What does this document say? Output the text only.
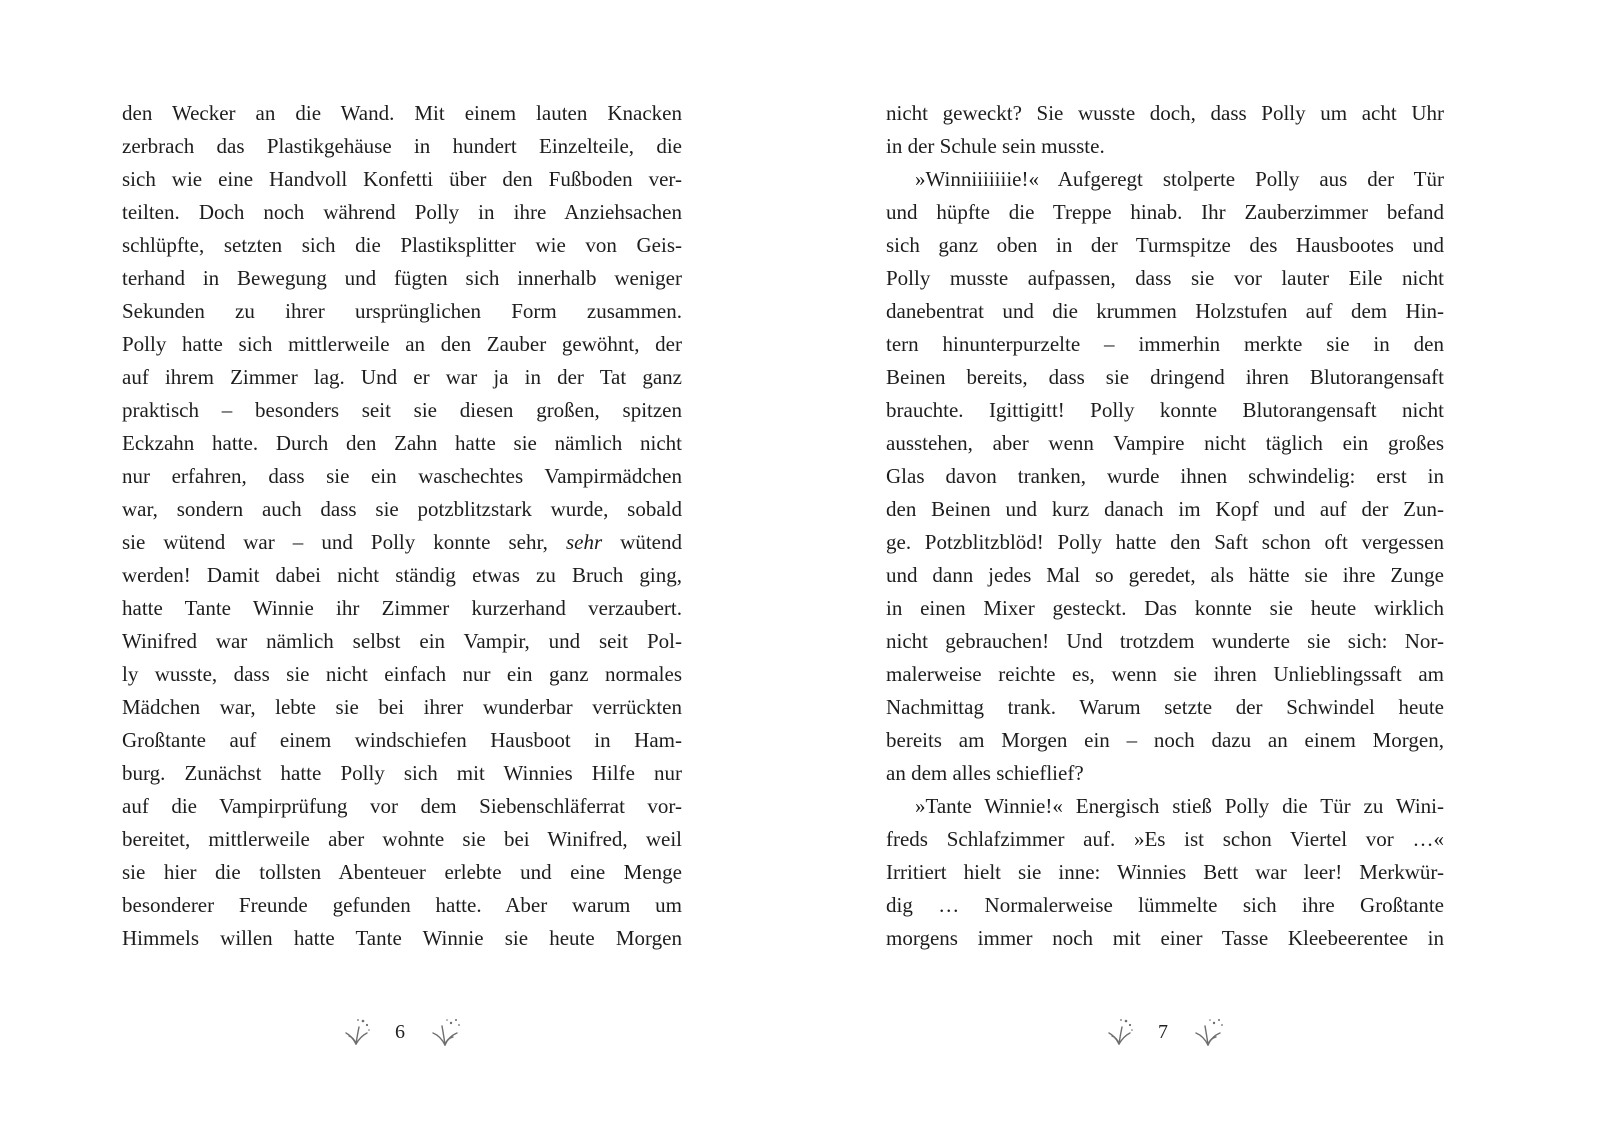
den Wecker an die Wand. Mit einem lauten Knacken
zerbrach das Plastikgehäuse in hundert Einzelteile, die
sich wie eine Handvoll Konfetti über den Fußboden ver-
teilten. Doch noch während Polly in ihre Anziehsachen
schlüpfte, setzten sich die Plastiksplitter wie von Geis-
terhand in Bewegung und fügten sich innerhalb weniger
Sekunden zu ihrer ursprünglichen Form zusammen.
Polly hatte sich mittlerweile an den Zauber gewöhnt, der
auf ihrem Zimmer lag. Und er war ja in der Tat ganz
praktisch – besonders seit sie diesen großen, spitzen
Eckzahn hatte. Durch den Zahn hatte sie nämlich nicht
nur erfahren, dass sie ein waschechtes Vampirmädchen
war, sondern auch dass sie potzblitzstark wurde, sobald
sie wütend war – und Polly konnte sehr, sehr wütend
werden! Damit dabei nicht ständig etwas zu Bruch ging,
hatte Tante Winnie ihr Zimmer kurzerhand verzaubert.
Winifred war nämlich selbst ein Vampir, und seit Pol-
ly wusste, dass sie nicht einfach nur ein ganz normales
Mädchen war, lebte sie bei ihrer wunderbar verrückten
Großtante auf einem windschiefen Hausboot in Ham-
burg. Zunächst hatte Polly sich mit Winnies Hilfe nur
auf die Vampirprüfung vor dem Siebenschläferrat vor-
bereitet, mittlerweile aber wohnte sie bei Winifred, weil
sie hier die tollsten Abenteuer erlebte und eine Menge
besonderer Freunde gefunden hatte. Aber warum um
Himmels willen hatte Tante Winnie sie heute Morgen
6
nicht geweckt? Sie wusste doch, dass Polly um acht Uhr
in der Schule sein musste.
»Winniiiiiiie!« Aufgeregt stolperte Polly aus der Tür
und hüpfte die Treppe hinab. Ihr Zauberzimmer befand
sich ganz oben in der Turmspitze des Hausbootes und
Polly musste aufpassen, dass sie vor lauter Eile nicht
danebentrat und die krummen Holzstufen auf dem Hin-
tern hinunterpurzelte – immerhin merkte sie in den
Beinen bereits, dass sie dringend ihren Blutorangensaft
brauchte. Igittigitt! Polly konnte Blutorangensaft nicht
ausstehen, aber wenn Vampire nicht täglich ein großes
Glas davon tranken, wurde ihnen schwindelig: erst in
den Beinen und kurz danach im Kopf und auf der Zun-
ge. Potzblitzblöd! Polly hatte den Saft schon oft vergessen
und dann jedes Mal so geredet, als hätte sie ihre Zunge
in einen Mixer gesteckt. Das konnte sie heute wirklich
nicht gebrauchen! Und trotzdem wunderte sie sich: Nor-
malerweise reichte es, wenn sie ihren Unlieblingssaft am
Nachmittag trank. Warum setzte der Schwindel heute
bereits am Morgen ein – noch dazu an einem Morgen,
an dem alles schieflief?
»Tante Winnie!« Energisch stieß Polly die Tür zu Wini-
freds Schlafzimmer auf. »Es ist schon Viertel vor …«
Irritiert hielt sie inne: Winnies Bett war leer! Merkwür-
dig … Normalerweise lümmelte sich ihre Großtante
morgens immer noch mit einer Tasse Kleebeerentee in
7
